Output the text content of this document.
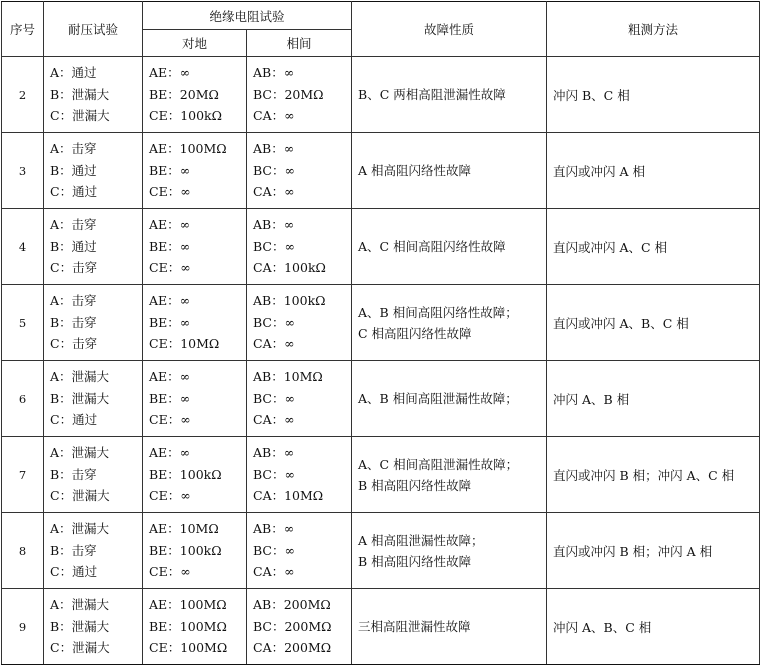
序号	耐压试验	绝缘电阻试验		故障性质	粗测方法
		对地	相间		
2	A：通过
B：泄漏大
C：泄漏大	AE：∞
BE：20MΩ
CE：100kΩ	AB：∞
BC：20MΩ
CA：∞	B、C 两相高阻泄漏性故障	冲闪 B、C 相
3	A：击穿
B：通过
C：通过	AE：100MΩ
BE：∞
CE：∞	AB：∞
BC：∞
CA：∞	A 相高阻闪络性故障	直闪或冲闪 A 相
4	A：击穿
B：通过
C：击穿	AE：∞
BE：∞
CE：∞	AB：∞
BC：∞
CA：100kΩ	A、C 相间高阻闪络性故障	直闪或冲闪 A、C 相
5	A：击穿
B：击穿
C：击穿	AE：∞
BE：∞
CE：10MΩ	AB：100kΩ
BC：∞
CA：∞	A、B 相间高阻闪络性故障；
C 相高阻闪络性故障	直闪或冲闪 A、B、C 相
6	A：泄漏大
B：泄漏大
C：通过	AE：∞
BE：∞
CE：∞	AB：10MΩ
BC：∞
CA：∞	A、B 相间高阻泄漏性故障；	冲闪 A、B 相
7	A：泄漏大
B：击穿
C：泄漏大	AE：∞
BE：100kΩ
CE：∞	AB：∞
BC：∞
CA：10MΩ	A、C 相间高阻泄漏性故障；
B 相高阻闪络性故障	直闪或冲闪 B 相；冲闪 A、C 相
8	A：泄漏大
B：击穿
C：通过	AE：10MΩ
BE：100kΩ
CE：∞	AB：∞
BC：∞
CA：∞	A 相高阻泄漏性故障；
B 相高阻闪络性故障	直闪或冲闪 B 相；冲闪 A 相
9	A：泄漏大
B：泄漏大
C：泄漏大	AE：100MΩ
BE：100MΩ
CE：100MΩ	AB：200MΩ
BC：200MΩ
CA：200MΩ	三相高阻泄漏性故障	冲闪 A、B、C 相
